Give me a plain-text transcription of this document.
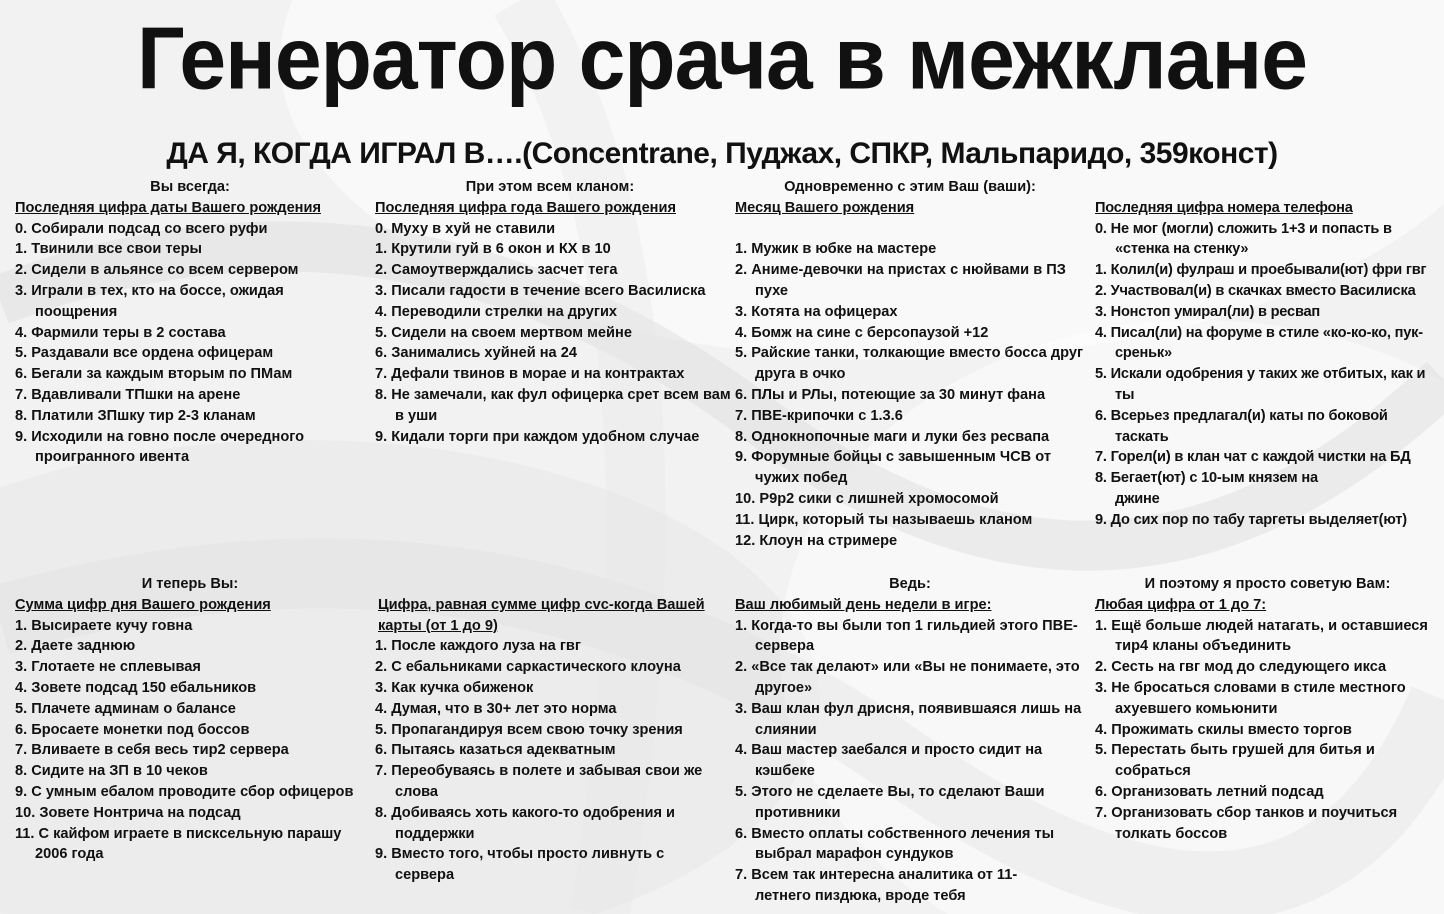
Генератор срача в межклане
ДА Я, КОГДА ИГРАЛ В….(Concentrane, Пуджах, СПКР, Мальпаридо, 359конст)
Вы всегда:
Последняя цифра даты Вашего рождения
0. Собирали подсад со всего руфи
1. Твинили все свои теры
2. Сидели в альянсе со всем сервером
3. Играли в тех, кто на боссе, ожидая поощрения
4. Фармили теры в 2 состава
5. Раздавали все ордена офицерам
6. Бегали за каждым вторым по ПМам
7. Вдавливали ТПшки на арене
8. Платили ЗПшку тир 2-3 кланам
9. Исходили на говно после очередного проигранного ивента
При этом всем кланом:
Последняя цифра года Вашего рождения
0. Муху в хуй не ставили
1. Крутили гуй в 6 окон и КХ в 10
2. Самоутверждались засчет тега
3. Писали гадости в течение всего Василиска
4. Переводили стрелки на других
5. Сидели на своем мертвом мейне
6. Занимались хуйней на 24
7. Дефали твинов в морае и на контрактах
8. Не замечали, как фул офицерка срет всем вам в уши
9. Кидали торги при каждом удобном случае
Одновременно с этим Ваш (ваши):
Месяц Вашего рождения
1. Мужик в юбке на мастере
2. Аниме-девочки на пристах с нюйвами в ПЗ пухе
3. Котята на офицерах
4. Бомж на сине с берсопаузой +12
5. Райские танки, толкающие вместо босса друг друга в очко
6. ПЛы и РЛы, потеющие за 30 минут фана
7. ПВЕ-крипочки с 1.3.6
8. Однокнопочные маги и луки без ресвапа
9. Форумные бойцы с завышенным ЧСВ от чужих побед
10. Р9р2 сики с лишней хромосомой
11. Цирк, который ты называешь кланом
12. Клоун на стримере
Последняя цифра номера телефона
0. Не мог (могли) сложить 1+3 и попасть в «стенка на стенку»
1. Колил(и) фулраш и проебывали(ют) фри гвг
2. Участвовал(и) в скачках вместо Василиска
3. Нонстоп умирал(ли) в ресвап
4. Писал(ли) на форуме в стиле «ко-ко-ко, пук-среньк»
5. Искали одобрения у таких же отбитых, как и ты
6. Всерьез предлагал(и) каты по боковой таскать
7. Горел(и) в клан чат с каждой чистки на БД
8. Бегает(ют) с 10-ым князем на джине
9. До сих пор по табу таргеты выделяет(ют)
И теперь Вы:
Сумма цифр дня Вашего рождения
1. Высираете кучу говна
2. Даете заднюю
3. Глотаете не сплевывая
4. Зовете подсад 150 ебальников
5. Плачете админам о балансе
6. Бросаете монетки под боссов
7. Вливаете в себя весь тир2 сервера
8. Сидите на ЗП в 10 чеков
9. С умным ебалом проводите сбор офицеров
10. Зовете Нонтрича на подсад
11. С кайфом играете в пискcельную парашу 2006 года
Цифра, равная сумме цифр cvc-когда Вашей карты (от 1 до 9)
1. После каждого луза на гвг
2. С ебальниками саркастического клоуна
3. Как кучка обиженок
4. Думая, что в 30+ лет это норма
5. Пропагандируя всем свою точку зрения
6. Пытаясь казаться адекватным
7. Переобуваясь в полете и забывая свои же слова
8. Добиваясь хоть какого-то одобрения и поддержки
9. Вместо того, чтобы просто ливнуть с сервера
Ведь:
Ваш любимый день недели в игре:
1. Когда-то вы были топ 1 гильдией этого ПВЕ-сервера
2. «Все так делают» или «Вы не понимаете, это другое»
3. Ваш клан фул дрисня, появившаяся лишь на слиянии
4. Ваш мастер заебался и просто сидит на кэшбеке
5. Этого не сделаете Вы, то сделают Ваши противники
6. Вместо оплаты собственного лечения ты выбрал марафон сундуков
7. Всем так интересна аналитика от 11-летнего пиздюка, вроде тебя
И поэтому я просто советую Вам:
Любая цифра от 1 до 7:
1. Ещё больше людей натагать, и оставшиеся тир4 кланы объединить
2. Сесть на гвг мод до следующего икса
3. Не бросаться словами в стиле местного ахуевшего комьюнити
4. Прожимать скилы вместо торгов
5. Перестать быть грушей для битья и собраться
6. Организовать летний подсад
7. Организовать сбор танков и поучиться толкать боссов
